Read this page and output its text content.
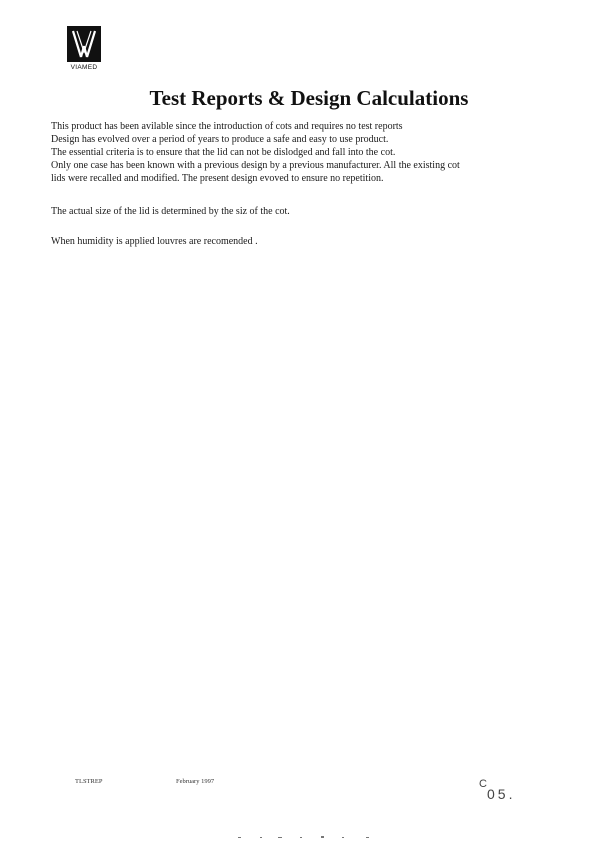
VIAMED
Test Reports & Design Calculations
This product has been avilable since the introduction of cots and requires no test reports
Design has evolved over a period of years to produce a safe and easy to use product.
The essential criteria is to ensure that the lid can not be dislodged and fall into the cot.
Only one case has been known with a previous design by a previous manufacturer. All the existing cot
lids were recalled and modified. The present design evoved to ensure no repetition.
The actual size of the lid is determined by the siz of the cot.
When humidity is applied louvres are recomended .
TLSTREP	February 1997	C
05.
